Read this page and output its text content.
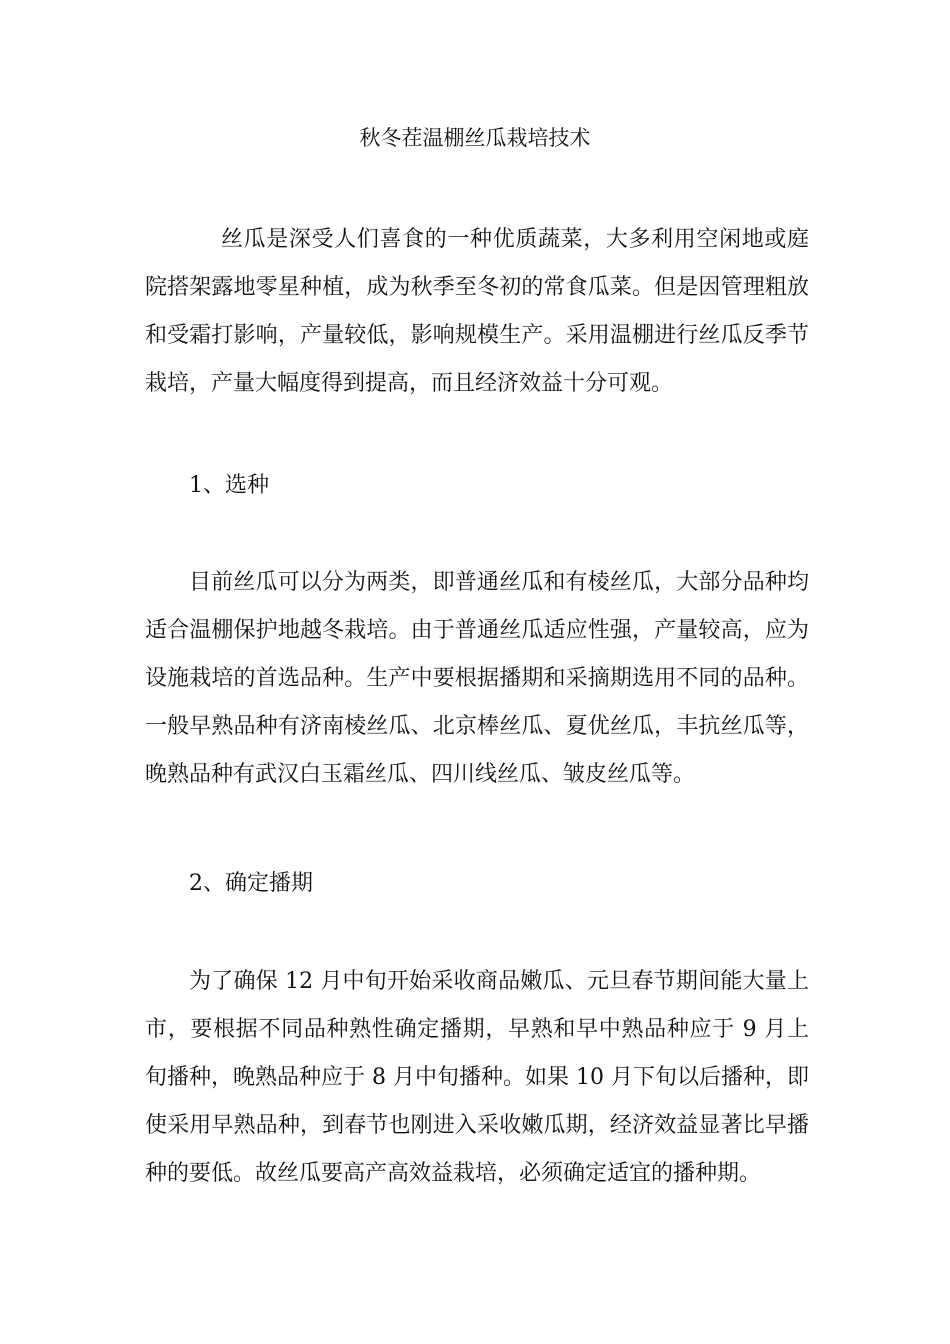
秋冬茬温棚丝瓜栽培技术

丝瓜是深受人们喜食的一种优质蔬菜，大多利用空闲地或庭院搭架露地零星种植，成为秋季至冬初的常食瓜菜。但是因管理粗放和受霜打影响，产量较低，影响规模生产。采用温棚进行丝瓜反季节栽培，产量大幅度得到提高，而且经济效益十分可观。

1、选种

目前丝瓜可以分为两类，即普通丝瓜和有棱丝瓜，大部分品种均适合温棚保护地越冬栽培。由于普通丝瓜适应性强，产量较高，应为设施栽培的首选品种。生产中要根据播期和采摘期选用不同的品种。一般早熟品种有济南棱丝瓜、北京棒丝瓜、夏优丝瓜，丰抗丝瓜等，晚熟品种有武汉白玉霜丝瓜、四川线丝瓜、皱皮丝瓜等。

2、确定播期

为了确保 12 月中旬开始采收商品嫩瓜、元旦春节期间能大量上市，要根据不同品种熟性确定播期，早熟和早中熟品种应于 9 月上旬播种，晚熟品种应于 8 月中旬播种。如果 10 月下旬以后播种，即使采用早熟品种，到春节也刚进入采收嫩瓜期，经济效益显著比早播种的要低。故丝瓜要高产高效益栽培，必须确定适宜的播种期。
